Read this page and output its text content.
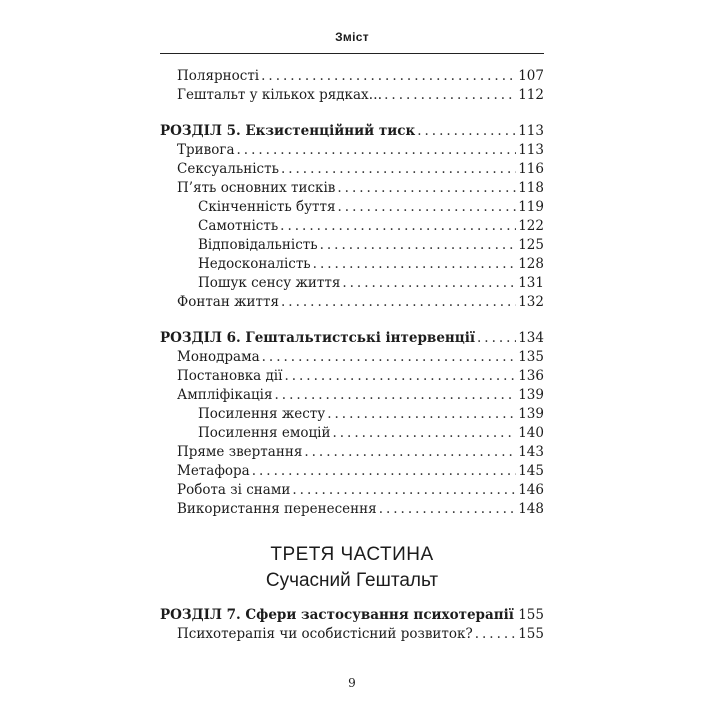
Зміст
Полярності .....	107
Гештальт у кількох рядках… .....	112
РОЗДІЛ 5. Екзистенційний тиск .....	113
Тривога .....	113
Сексуальність .....	116
П’ять основних тисків .....	118
Скінченність буття .....	119
Самотність .....	122
Відповідальність .....	125
Недосконалість .....	128
Пошук сенсу життя .....	131
Фонтан життя .....	132
РОЗДІЛ 6. Гештальтистські інтервенції .....	134
Монодрама .....	135
Постановка дії .....	136
Ампліфікація .....	139
Посилення жесту .....	139
Посилення емоцій .....	140
Пряме звертання .....	143
Метафора .....	145
Робота зі снами .....	146
Використання перенесення .....	148
ТРЕТЯ ЧАСТИНА
Сучасний Гештальт
РОЗДІЛ 7. Сфери застосування психотерапії ..... 155
Психотерапія чи особистісний розвиток? .....	155
9
